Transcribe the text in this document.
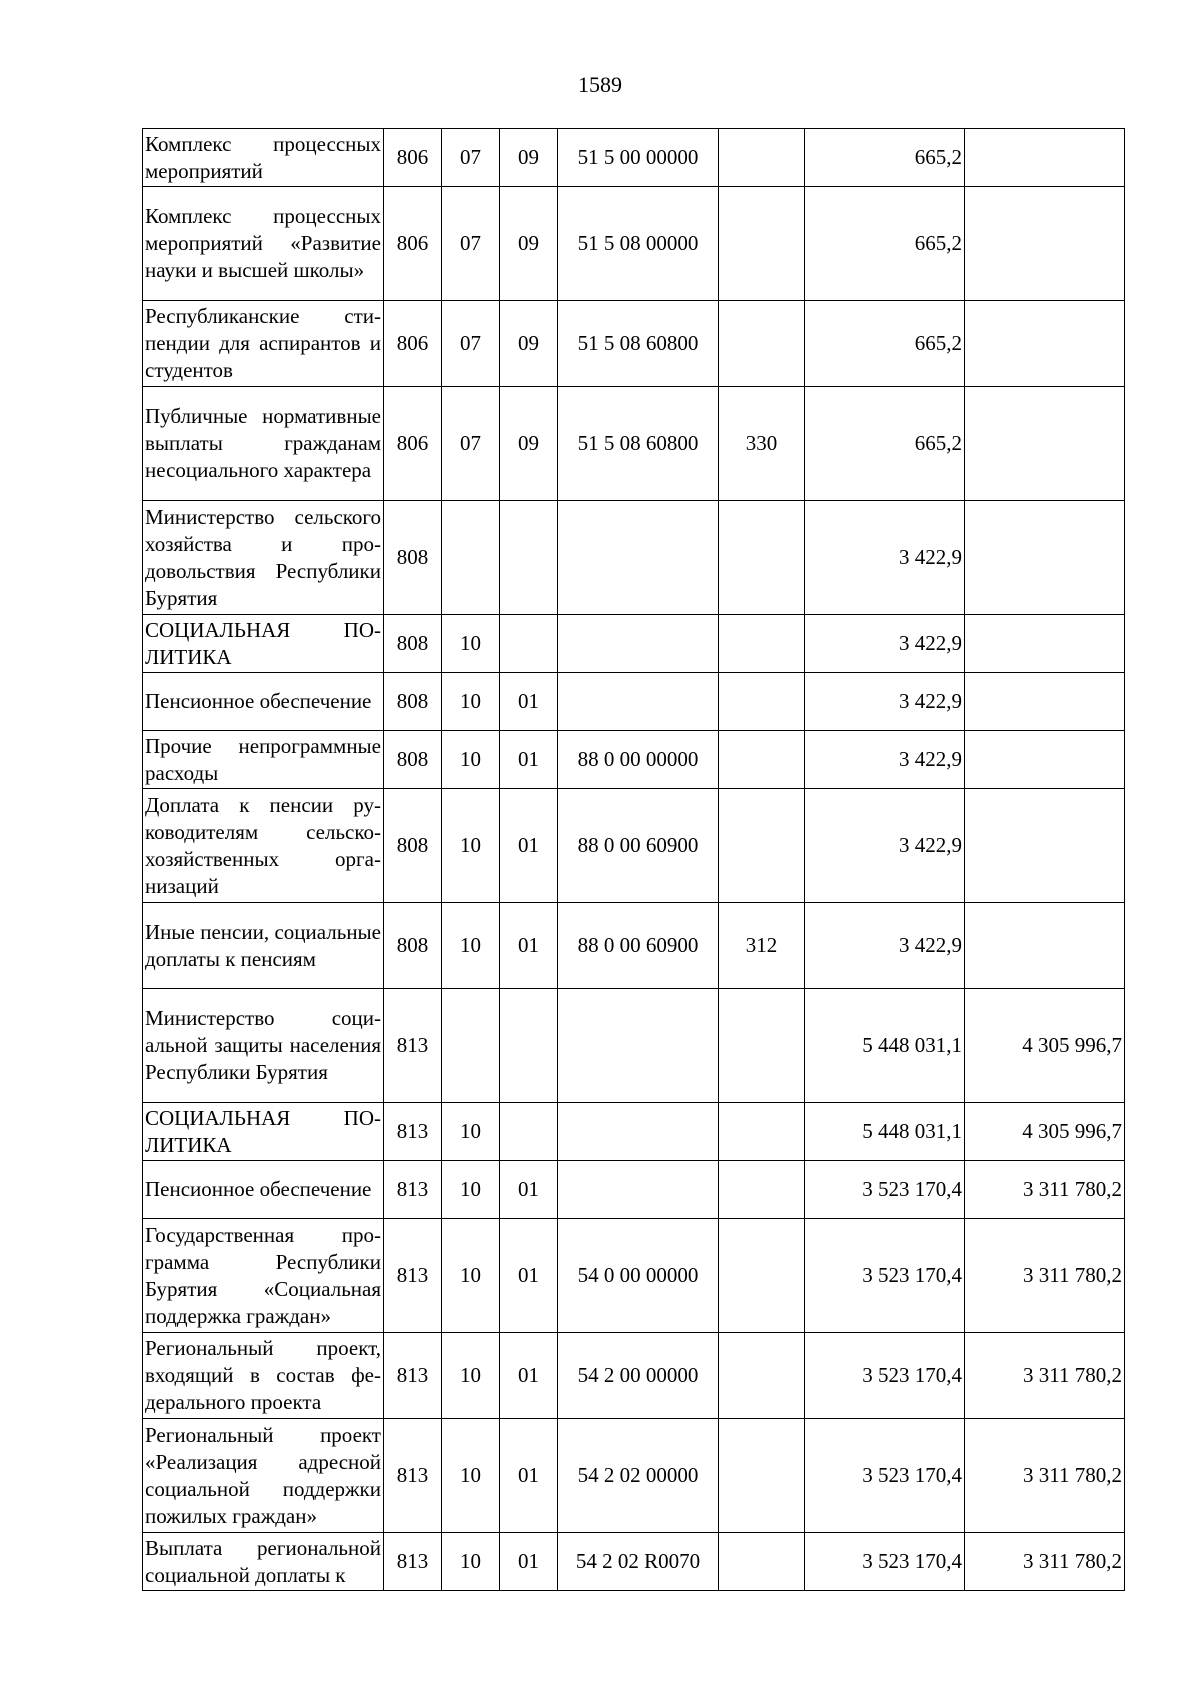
1589
Комплекс процессных мероприятий	806	07	09	51 5 00 00000		665,2	
Комплекс процессных мероприятий «Развитие науки и высшей школы»	806	07	09	51 5 08 00000		665,2	
Республиканские стипендии для аспирантов и студентов	806	07	09	51 5 08 60800		665,2	
Публичные нормативные выплаты гражданам несоциального характера	806	07	09	51 5 08 60800	330	665,2	
Министерство сельского хозяйства и продовольствия Республики Бурятия	808					3 422,9	
СОЦИАЛЬНАЯ ПОЛИТИКА	808	10				3 422,9	
Пенсионное обеспечение	808	10	01			3 422,9	
Прочие непрограммные расходы	808	10	01	88 0 00 00000		3 422,9	
Доплата к пенсии руководителям сельскохозяйственных организаций	808	10	01	88 0 00 60900		3 422,9	
Иные пенсии, социальные доплаты к пенсиям	808	10	01	88 0 00 60900	312	3 422,9	
Министерство социальной защиты населения Республики Бурятия	813					5 448 031,1	4 305 996,7
СОЦИАЛЬНАЯ ПОЛИТИКА	813	10				5 448 031,1	4 305 996,7
Пенсионное обеспечение	813	10	01			3 523 170,4	3 311 780,2
Государственная программа Республики Бурятия «Социальная поддержка граждан»	813	10	01	54 0 00 00000		3 523 170,4	3 311 780,2
Региональный проект, входящий в состав федерального проекта	813	10	01	54 2 00 00000		3 523 170,4	3 311 780,2
Региональный проект «Реализация адресной социальной поддержки пожилых граждан»	813	10	01	54 2 02 00000		3 523 170,4	3 311 780,2
Выплата региональной социальной доплаты к	813	10	01	54 2 02 R0070		3 523 170,4	3 311 780,2
